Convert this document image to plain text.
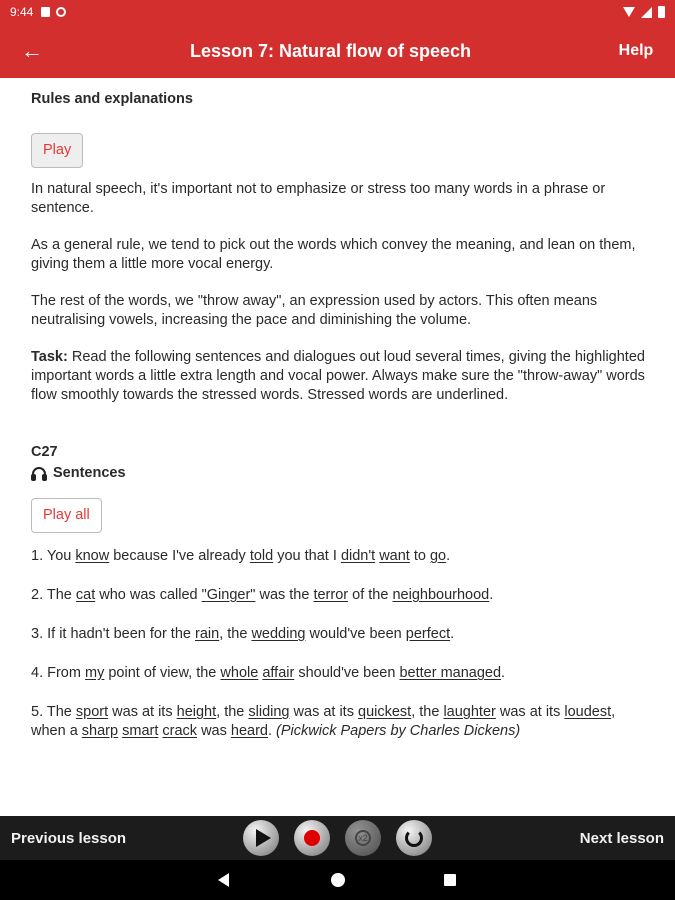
9:44
←	Lesson 7: Natural flow of speech	Help
Rules and explanations
Play

In natural speech, it's important not to emphasize or stress too many words in a phrase or sentence.

As a general rule, we tend to pick out the words which convey the meaning, and lean on them, giving them a little more vocal energy.

The rest of the words, we "throw away", an expression used by actors. This often means neutralising vowels, increasing the pace and diminishing the volume.

Task: Read the following sentences and dialogues out loud several times, giving the highlighted important words a little extra length and vocal power. Always make sure the "throw-away" words flow smoothly towards the stressed words. Stressed words are underlined.

C27
Sentences
Play all
1. You know because I've already told you that I didn't want to go.
2. The cat who was called "Ginger" was the terror of the neighbourhood.
3. If it hadn't been for the rain, the wedding would've been perfect.
4. From my point of view, the whole affair should've been better managed.
5. The sport was at its height, the sliding was at its quickest, the laughter was at its loudest, when a sharp smart crack was heard. (Pickwick Papers by Charles Dickens)
Previous lesson	x2	Next lesson
